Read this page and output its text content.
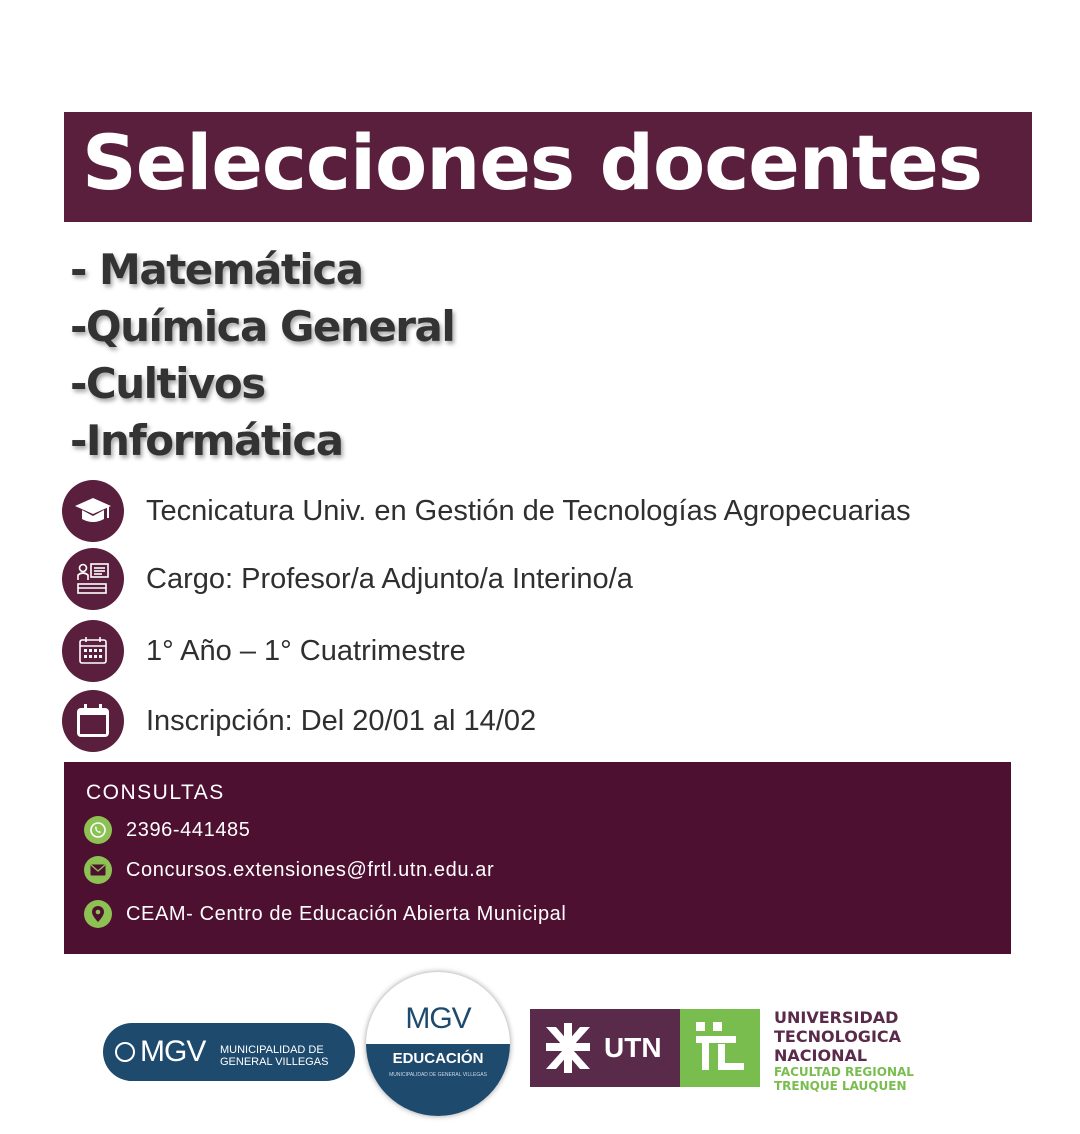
Selecciones docentes
- Matemática
-Química General
-Cultivos
-Informática
Tecnicatura Univ. en Gestión de Tecnologías Agropecuarias
Cargo: Profesor/a Adjunto/a Interino/a
1° Año – 1° Cuatrimestre
Inscripción: Del 20/01 al 14/02
CONSULTAS
2396-441485
Concursos.extensiones@frtl.utn.edu.ar
CEAM- Centro de Educación Abierta Municipal
MGV MUNICIPALIDAD DE GENERAL VILLEGAS
MGV
EDUCACIÓN
MUNICIPALIDAD DE GENERAL VILLEGAS
UTN
UNIVERSIDAD
TECNOLOGICA
NACIONAL
FACULTAD REGIONAL
TRENQUE LAUQUEN
